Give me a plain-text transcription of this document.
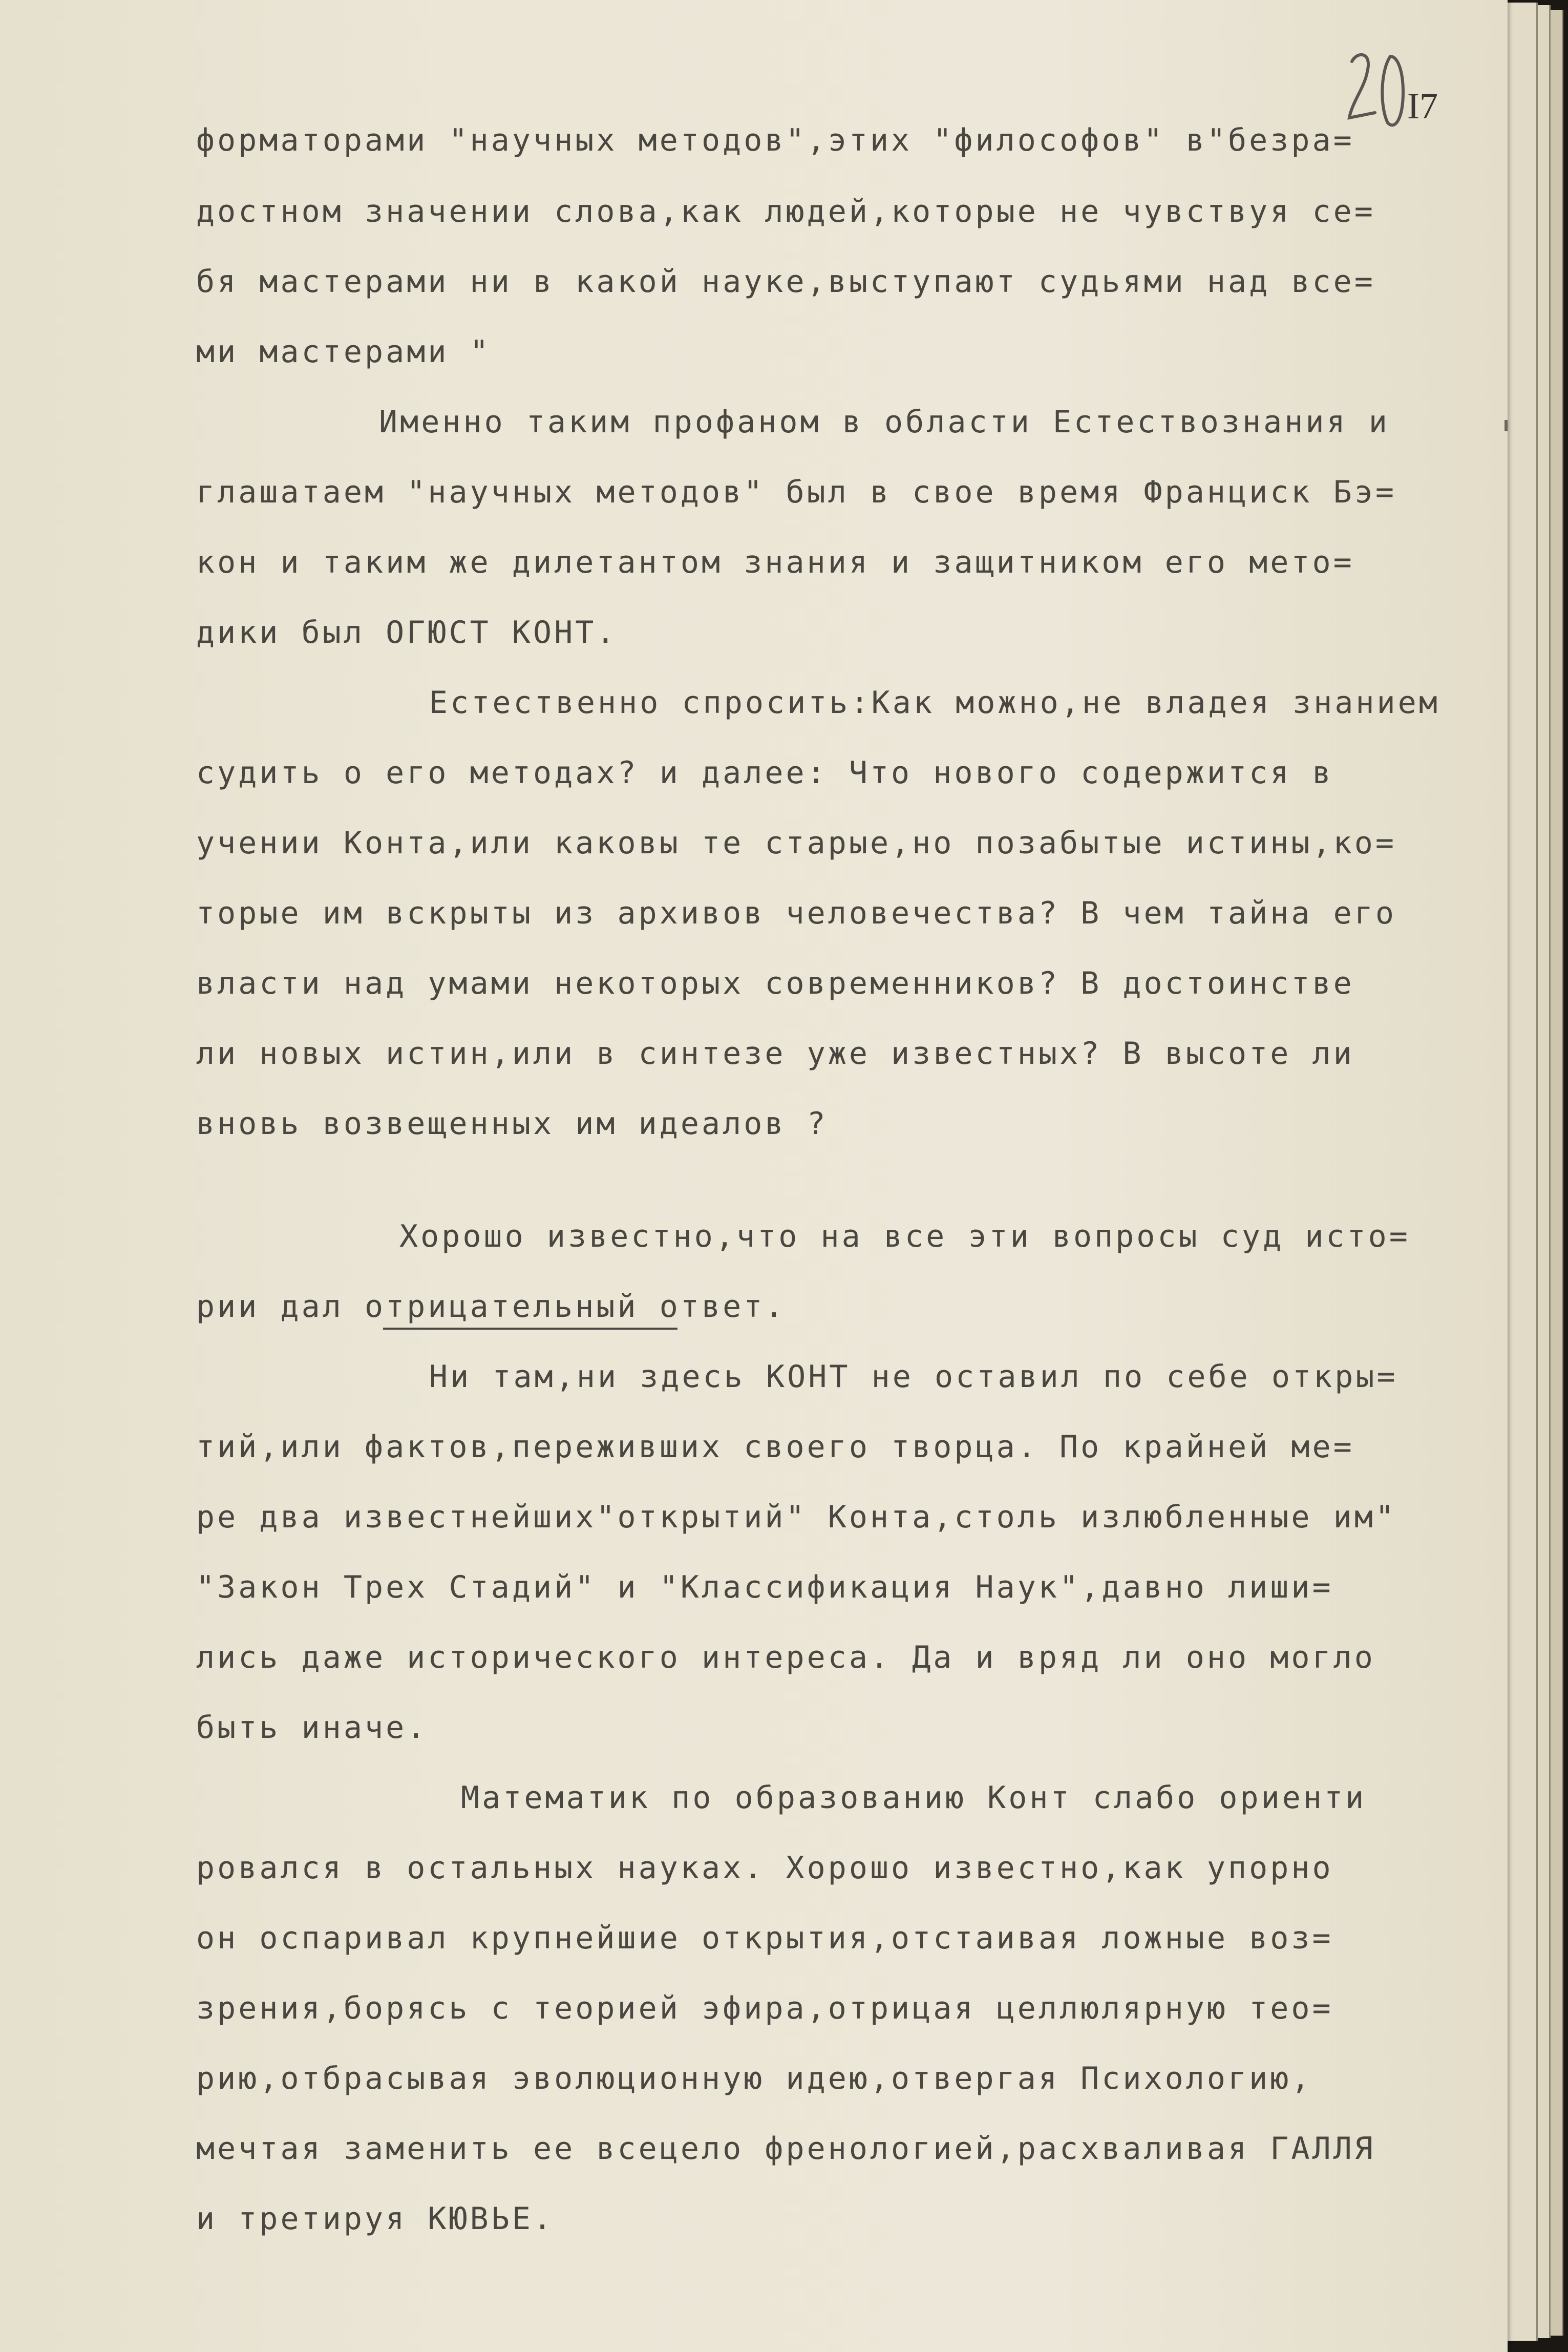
I7
форматорами "научных методов",этих "философов" в"безра=
достном значении слова,как людей,которые не чувствуя се=
бя мастерами ни в какой науке,выступают судьями над все=
ми мастерами "
Именно таким профаном в области Естествознания и
глашатаем "научных методов" был в свое время Франциск Бэ=
кон и таким же дилетантом знания и защитником его мето=
дики был ОГЮСТ КОНТ.
Естественно спросить:Как можно,не владея знанием
судить о его методах? и далее: Что нового содержится в
учении Конта,или каковы те старые,но позабытые истины,ко=
торые им вскрыты из архивов человечества? В чем тайна его
власти над умами некоторых современников? В достоинстве
ли новых истин,или в синтезе уже известных? В высоте ли
вновь возвещенных им идеалов ?
Хорошо известно,что на все эти вопросы суд исто=
рии дал отрицательный ответ.
Ни там,ни здесь КОНТ не оставил по себе откры=
тий,или фактов,переживших своего творца. По крайней ме=
ре два известнейших"открытий" Конта,столь излюбленные им"
"Закон Трех Стадий" и "Классификация Наук",давно лиши=
лись даже исторического интереса. Да и вряд ли оно могло
быть иначе.
Математик по образованию Конт слабо ориенти
ровался в остальных науках. Хорошо известно,как упорно
он оспаривал крупнейшие открытия,отстаивая ложные воз=
зрения,борясь с теорией эфира,отрицая целлюлярную тео=
рию,отбрасывая эволюционную идею,отвергая Психологию,
мечтая заменить ее всецело френологией,расхваливая ГАЛЛЯ
и третируя КЮВЬЕ.
